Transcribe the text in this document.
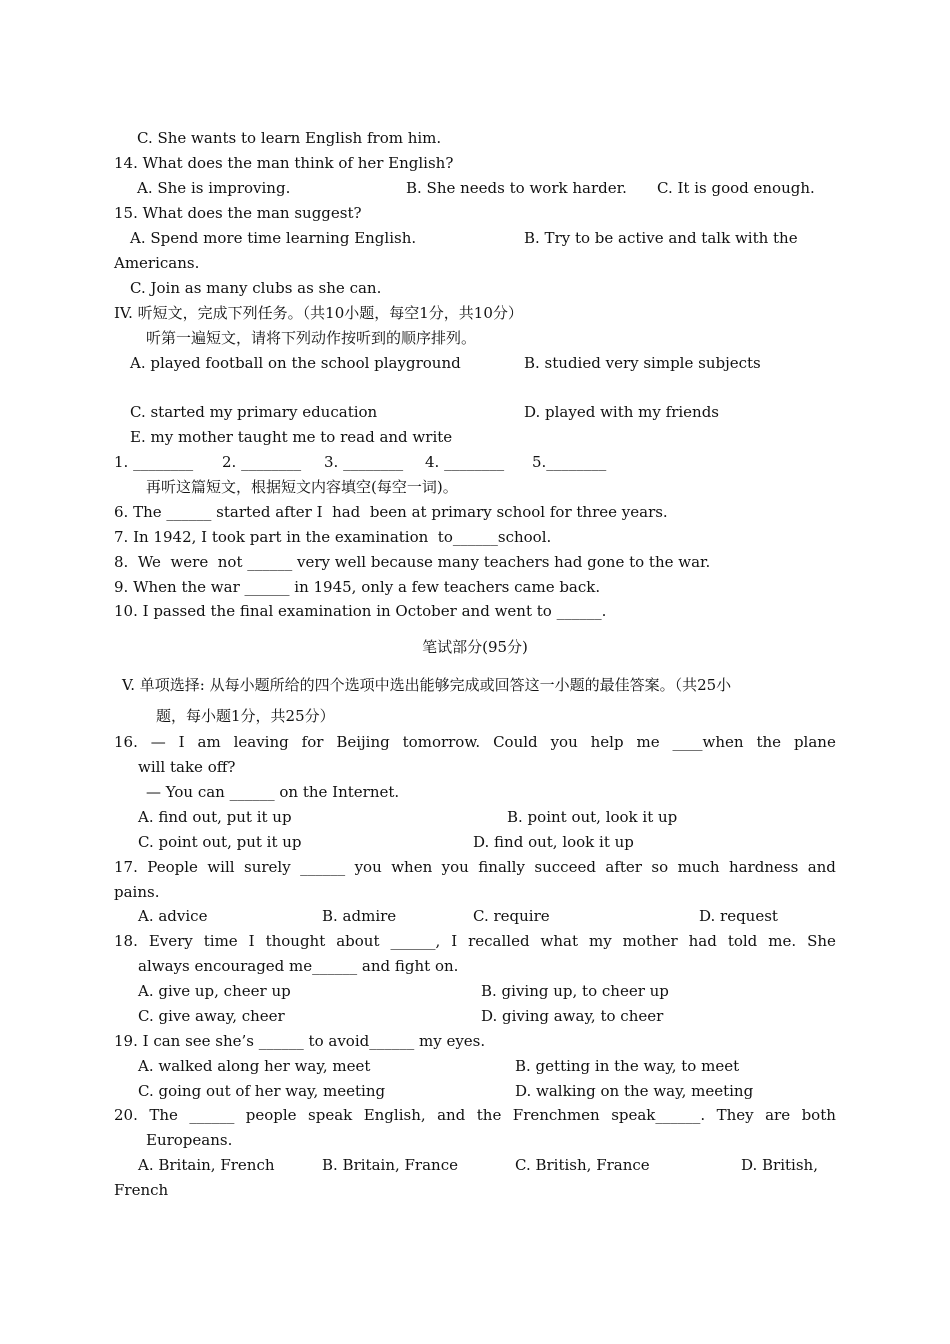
C. She wants to learn English from him.
14. What does the man think of her English?
A. She is improving.	B. She needs to work harder. C. It is good enough.
15. What does the man suggest?
A. Spend more time learning English.	B. Try to be active and talk with the
Americans.
C. Join as many clubs as she can.
IV. 听短文，完成下列任务。（共10小题，每空1分，共10分）
听第一遍短文，请将下列动作按听到的顺序排列。
A. played football on the school playground	B. studied very simple subjects
C. started my primary education	D. played with my friends
E. my mother taught me to read and write
1. ________ 2. ________ 3. ________ 4. ________ 5.________
再听这篇短文，根据短文内容填空(每空一词)。
6. The ______ started after I  had  been at primary school for three years.
7. In 1942, I took part in the examination  to______school.
8.  We  were  not ______ very well because many teachers had gone to the war.
9. When the war ______ in 1945, only a few teachers came back.
10. I passed the final examination in October and went to ______.
笔试部分(95分)
V. 单项选择: 从每小题所给的四个选项中选出能够完成或回答这一小题的最佳答案。（共25小
题，每小题1分，共25分）
16. — I am leaving for Beijing tomorrow. Could you help me ____when the plane
will take off?
— You can ______ on the Internet.
A. find out, put it up	B. point out, look it up
C. point out, put it up	D. find out, look it up
17. People will surely ______ you when you finally succeed after so much hardness and
pains.
A. advice	B. admire	C. require	D. request
18. Every time I thought about ______, I recalled what my mother had told me. She
always encouraged me______ and fight on.
A. give up, cheer up	B. giving up, to cheer up
C. give away, cheer	D. giving away, to cheer
19. I can see she’s ______ to avoid______ my eyes.
A. walked along her way, meet	B. getting in the way, to meet
C. going out of her way, meeting	D. walking on the way, meeting
20. The ______ people speak English, and the Frenchmen speak______. They are both
Europeans.
A. Britain, French	B. Britain, France	C. British, France	D. British,
French
